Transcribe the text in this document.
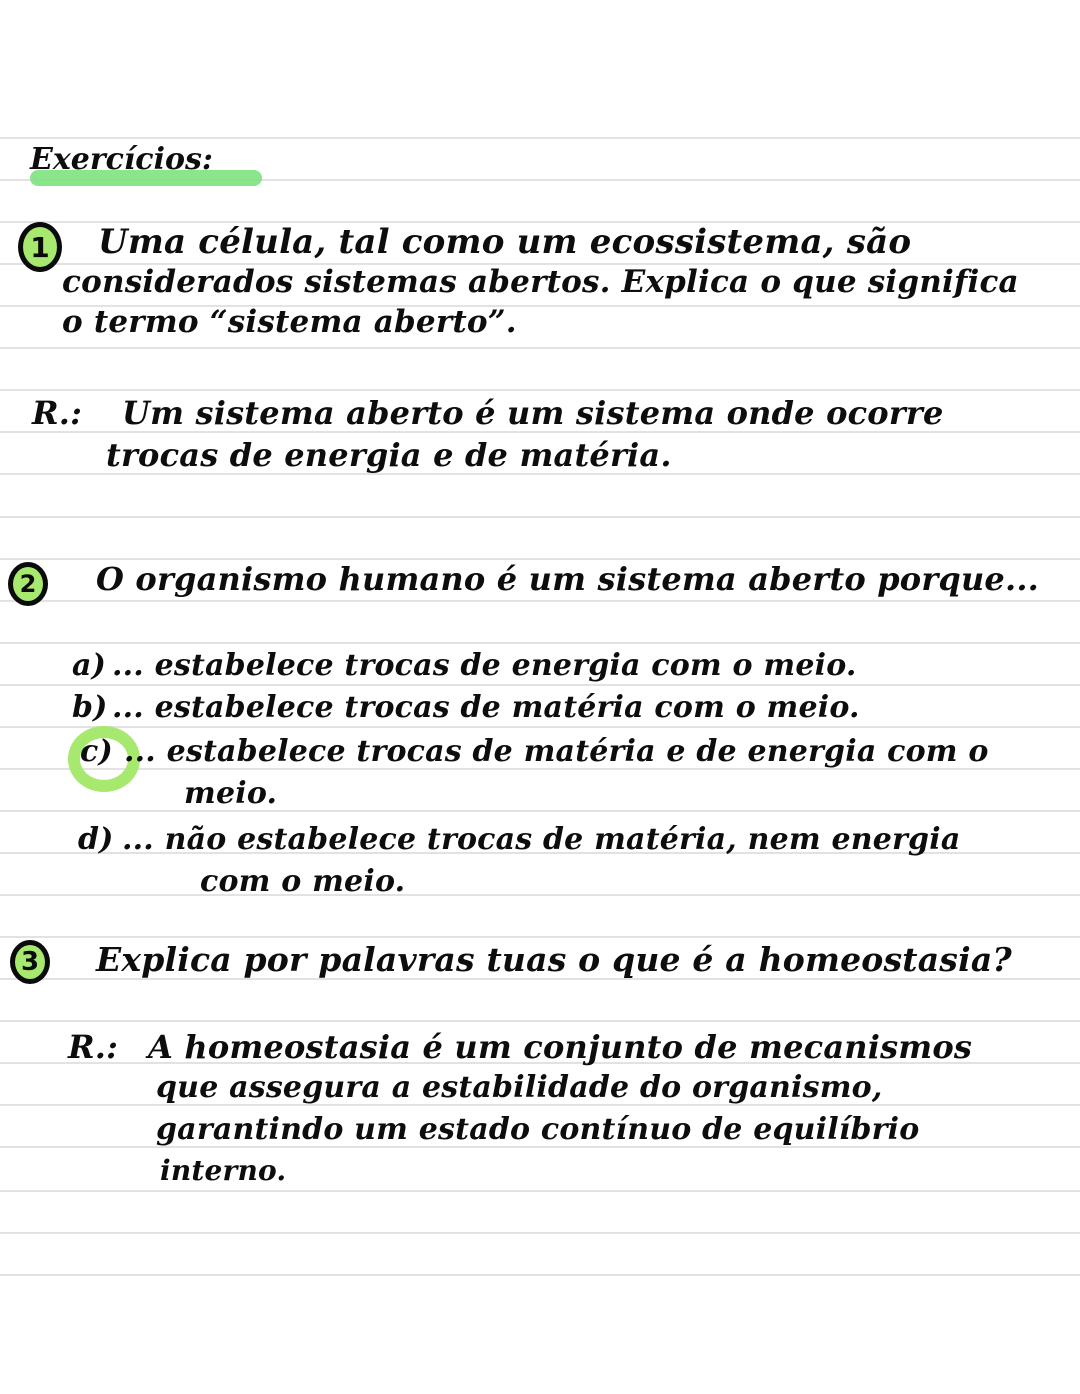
Exercícios:
1 Uma célula, tal como um ecossistema, são
considerados sistemas abertos. Explica o que significa
o termo “sistema aberto”.
R.: Um sistema aberto é um sistema onde ocorre
trocas de energia e de matéria.
2 O organismo humano é um sistema aberto porque...
a) ... estabelece trocas de energia com o meio.
b) ... estabelece trocas de matéria com o meio.
c) ... estabelece trocas de matéria e de energia com o
meio.
d) ... não estabelece trocas de matéria, nem energia
com o meio.
3 Explica por palavras tuas o que é a homeostasia?
R.: A homeostasia é um conjunto de mecanismos
que assegura a estabilidade do organismo,
garantindo um estado contínuo de equilíbrio
interno.
